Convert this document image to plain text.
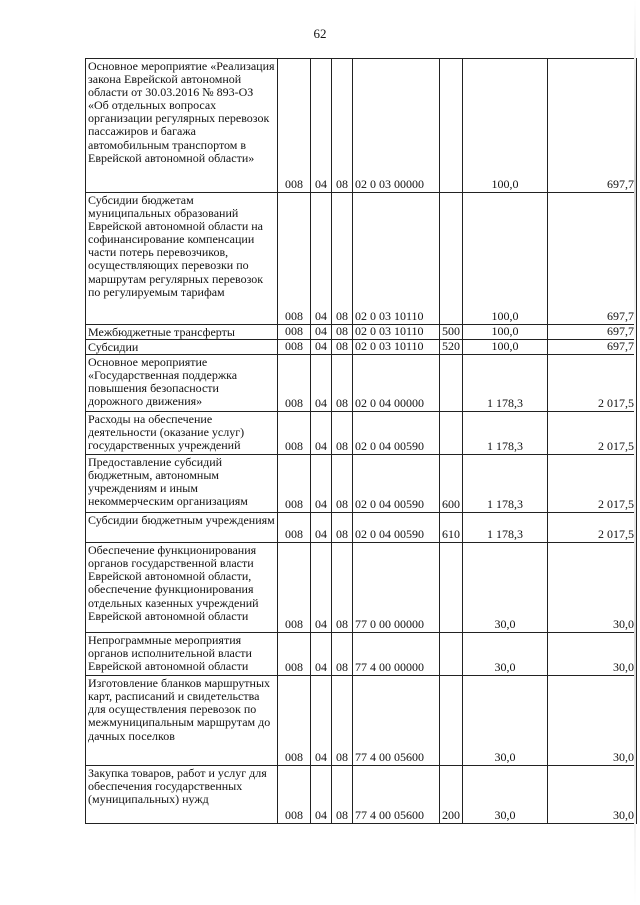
62
Основное мероприятие «Реализация закона Еврейской автономной области от 30.03.2016 № 893-ОЗ «Об отдельных вопросах организации регулярных перевозок пассажиров и багажа автомобильным транспортом в Еврейской автономной области»	008	04	08	02 0 03 00000		100,0	697,7
Субсидии бюджетам муниципальных образований Еврейской автономной области на софинансирование компенсации части потерь перевозчиков, осуществляющих перевозки по маршрутам регулярных перевозок по регулируемым тарифам	008	04	08	02 0 03 10110		100,0	697,7
Межбюджетные трансферты	008	04	08	02 0 03 10110	500	100,0	697,7
Субсидии	008	04	08	02 0 03 10110	520	100,0	697,7
Основное мероприятие «Государственная поддержка повышения безопасности дорожного движения»	008	04	08	02 0 04 00000		1 178,3	2 017,5
Расходы на обеспечение деятельности (оказание услуг) государственных учреждений	008	04	08	02 0 04 00590		1 178,3	2 017,5
Предоставление субсидий бюджетным, автономным учреждениям и иным некоммерческим организациям	008	04	08	02 0 04 00590	600	1 178,3	2 017,5
Субсидии бюджетным учреждениям	008	04	08	02 0 04 00590	610	1 178,3	2 017,5
Обеспечение функционирования органов государственной власти Еврейской автономной области, обеспечение функционирования отдельных казенных учреждений Еврейской автономной области	008	04	08	77 0 00 00000		30,0	30,0
Непрограммные мероприятия органов исполнительной власти Еврейской автономной области	008	04	08	77 4 00 00000		30,0	30,0
Изготовление бланков маршрутных карт, расписаний и свидетельства для осуществления перевозок по межмуниципальным маршрутам до дачных поселков	008	04	08	77 4 00 05600		30,0	30,0
Закупка товаров, работ и услуг для обеспечения государственных (муниципальных) нужд	008	04	08	77 4 00 05600	200	30,0	30,0
